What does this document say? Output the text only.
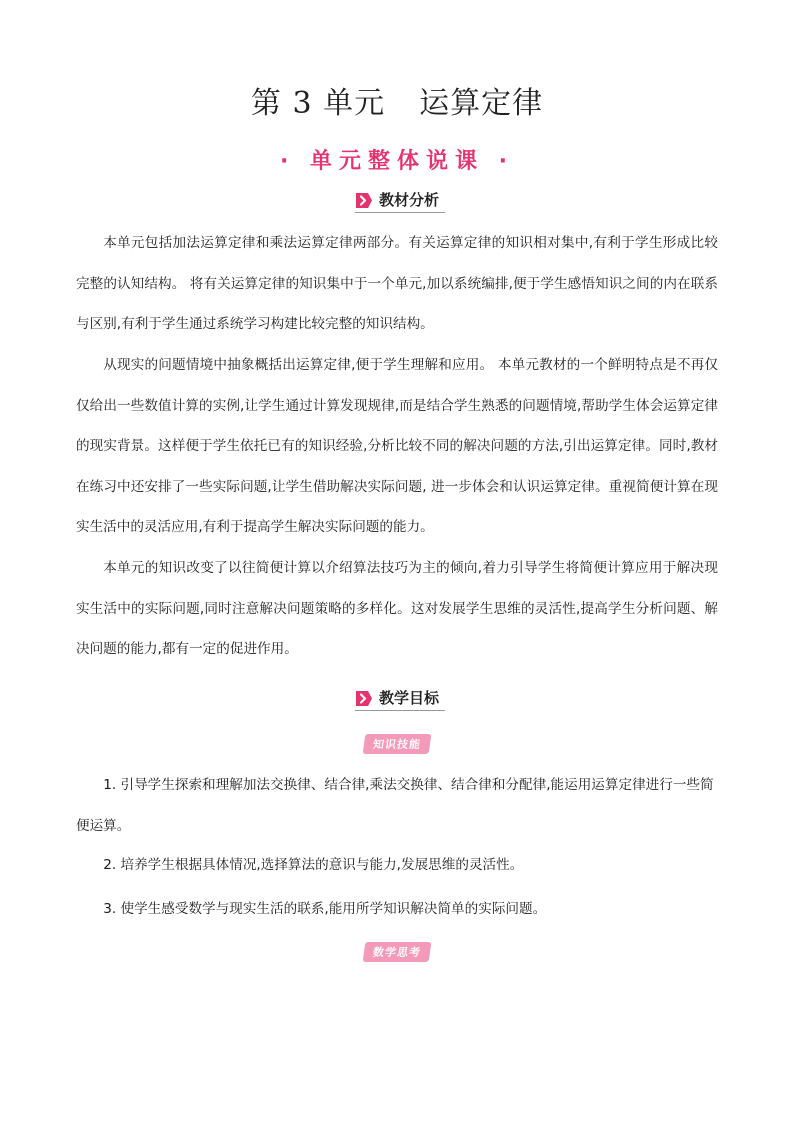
第 3 单元 运算定律
· 单元整体说课 ·
教材分析

本单元包括加法运算定律和乘法运算定律两部分。有关运算定律的知识相对集中,有利于学生形成比较完整的认知结构。 将有关运算定律的知识集中于一个单元,加以系统编排,便于学生感悟知识之间的内在联系与区别,有利于学生通过系统学习构建比较完整的知识结构。

从现实的问题情境中抽象概括出运算定律,便于学生理解和应用。 本单元教材的一个鲜明特点是不再仅仅给出一些数值计算的实例,让学生通过计算发现规律,而是结合学生熟悉的问题情境,帮助学生体会运算定律的现实背景。这样便于学生依托已有的知识经验,分析比较不同的解决问题的方法,引出运算定律。同时,教材在练习中还安排了一些实际问题,让学生借助解决实际问题, 进一步体会和认识运算定律。重视简便计算在现实生活中的灵活应用,有利于提高学生解决实际问题的能力。

本单元的知识改变了以往简便计算以介绍算法技巧为主的倾向,着力引导学生将简便计算应用于解决现实生活中的实际问题,同时注意解决问题策略的多样化。这对发展学生思维的灵活性,提高学生分析问题、解决问题的能力,都有一定的促进作用。

教学目标
知识技能

1. 引导学生探索和理解加法交换律、结合律,乘法交换律、结合律和分配律,能运用运算定律进行一些简便运算。

2. 培养学生根据具体情况,选择算法的意识与能力,发展思维的灵活性。

3. 使学生感受数学与现实生活的联系,能用所学知识解决简单的实际问题。

数学思考
